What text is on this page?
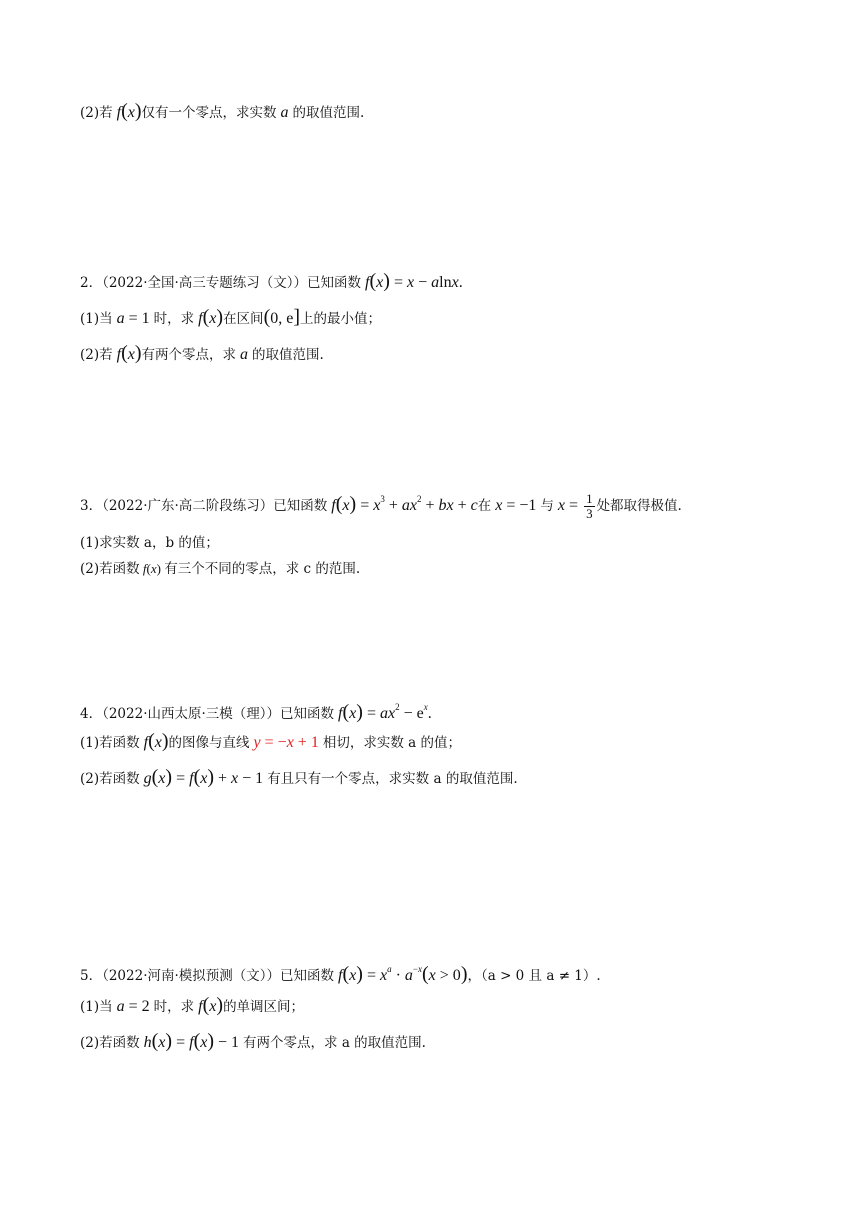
(2)若 f(x)仅有一个零点，求实数 a 的取值范围.
2．（2022·全国·高三专题练习（文））已知函数 f(x) = x − alnx.
(1)当 a = 1 时，求 f(x)在区间(0, e]上的最小值；
(2)若 f(x)有两个零点，求 a 的取值范围.
3．（2022·广东·高二阶段练习）已知函数 $f(x) = x^3 + ax^2$ + bx + c在 x = −1 与 $x = \frac{1}{3}$ 处都取得极值.
(1)求实数 a，b 的值；
(2)若函数 f(x) 有三个不同的零点，求 c 的范围.
4．（2022·山西太原·三模（理））已知函数 $f(x) = ax^2 - e^x$.
(1)若函数 f(x)的图像与直线 y = −x + 1 相切，求实数 a 的值；
(2)若函数 g(x) = f(x) + x − 1 有且只有一个零点，求实数 a 的取值范围.
5．（2022·河南·模拟预测（文））已知函数 $f(x) = x^a \cdot a^{-x}(x > 0)$，（a > 0 且 a ≠ 1）.
(1)当 a = 2 时，求 f(x)的单调区间；
(2)若函数 h(x) = f(x) − 1 有两个零点，求 a 的取值范围.
